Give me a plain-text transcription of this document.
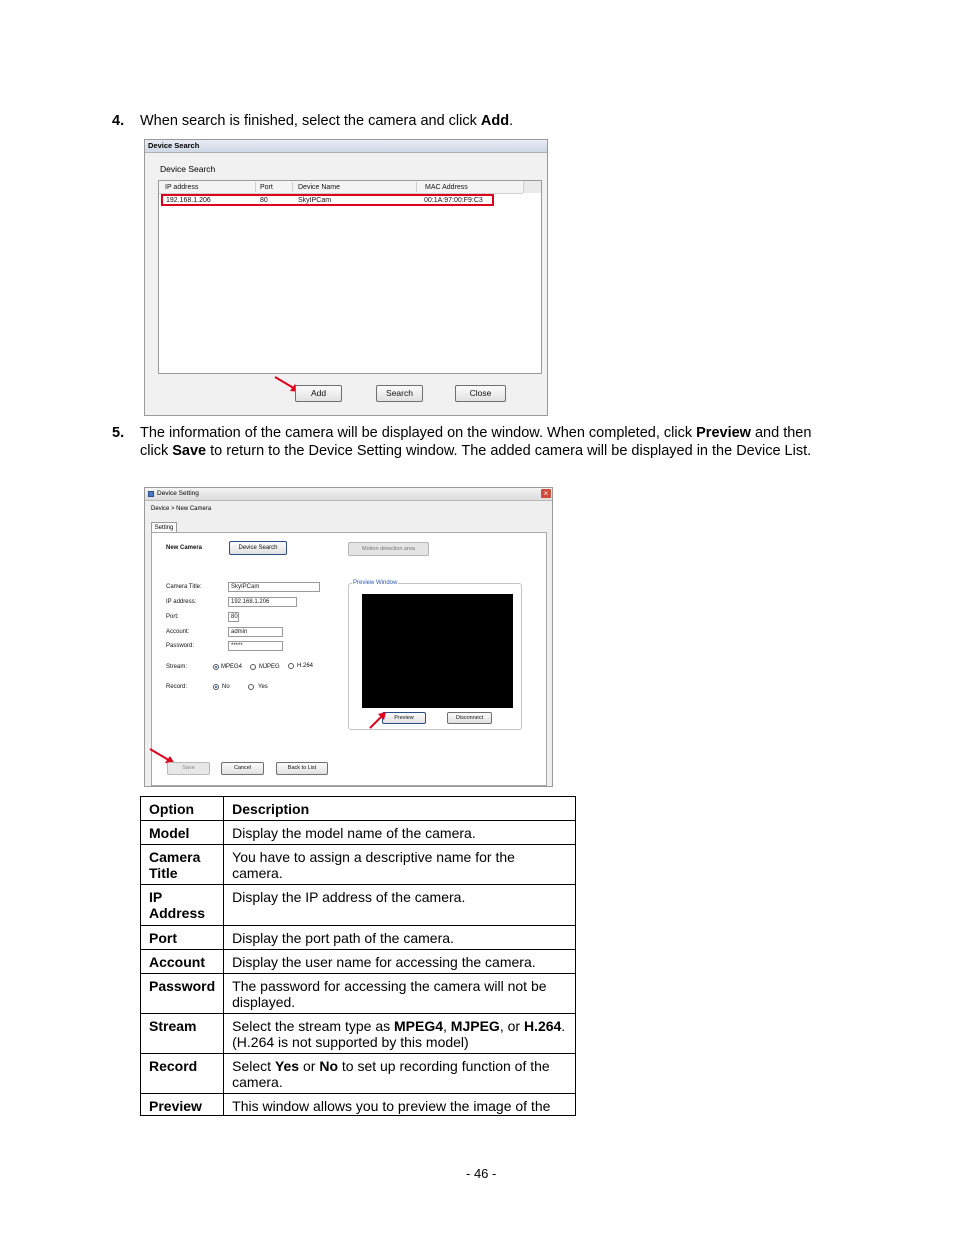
4. When search is finished, select the camera and click Add.
Device Search
Device Search
IP address	Port	Device Name	MAC Address
192.168.1.206	80	SkyIPCam	00:1A:97:00:F9:C3
Add	Search	Close
5. The information of the camera will be displayed on the window. When completed, click Preview and then click Save to return to the Device Setting window. The added camera will be displayed in the Device List.
Device Setting	×
Device > New Camera
Setting
New Camera	Device Search	Motion detection area
Camera Title:	SkyIPCam
IP address:	192.168.1.206
Port:	80
Account:	admin
Password:	*****
Stream:	MPEG4	MJPEG	H.264
Record:	No	Yes
Preview Window
Preview	Disconnect
Save	Cancel	Back to List
Option	Description
Model	Display the model name of the camera.
Camera Title	You have to assign a descriptive name for the camera.
IP Address	Display the IP address of the camera.
Port	Display the port path of the camera.
Account	Display the user name for accessing the camera.
Password	The password for accessing the camera will not be displayed.
Stream	Select the stream type as MPEG4, MJPEG, or H.264. (H.264 is not supported by this model)
Record	Select Yes or No to set up recording function of the camera.
Preview	This window allows you to preview the image of the
- 46 -
